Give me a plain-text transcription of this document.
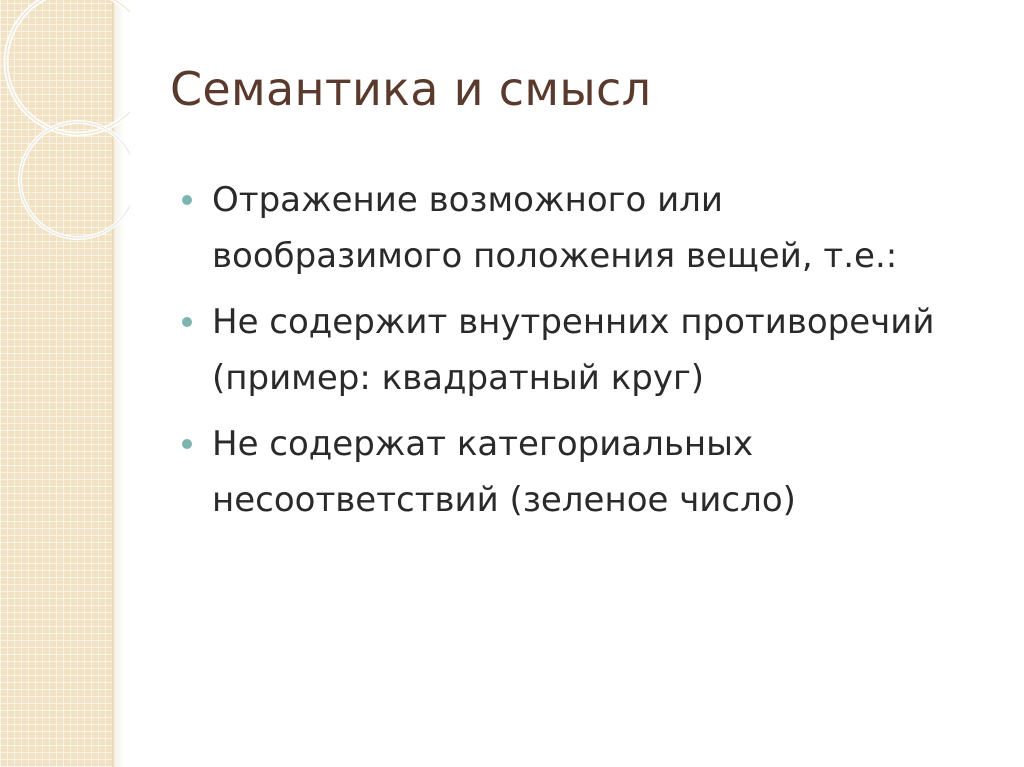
Семантика и смысл
Отражение возможного или вообразимого положения вещей, т.е.:
Не содержит внутренних противоречий (пример: квадратный круг)
Не содержат категориальных несоответствий (зеленое число)
